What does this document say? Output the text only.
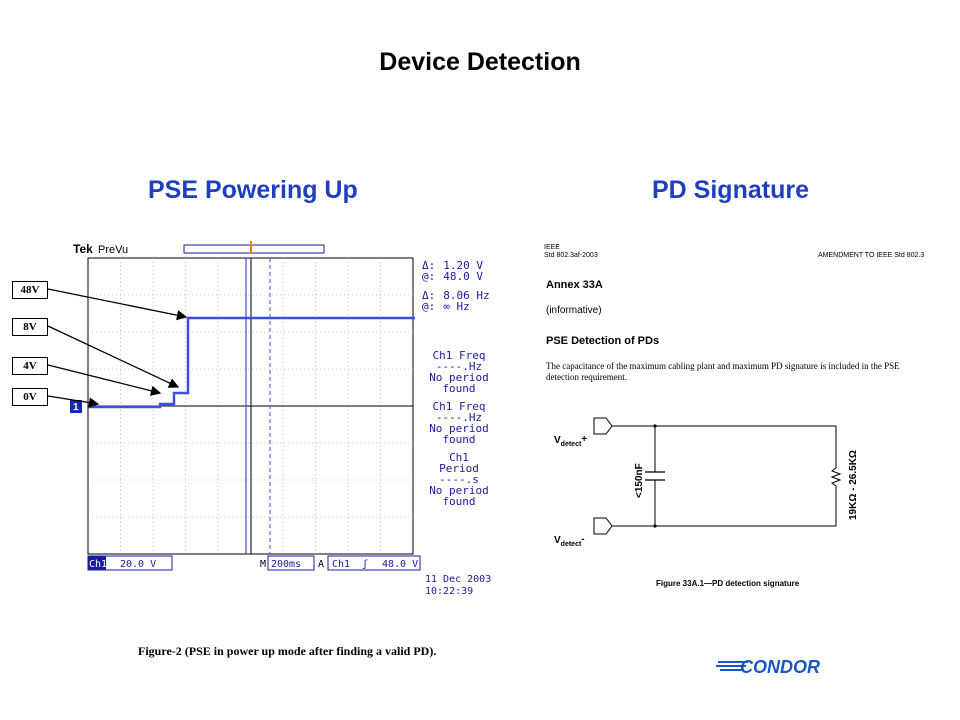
Device Detection
PSE Powering Up	PD Signature
Tek PreVu
1
Ch1 20.0 V	M 200ms A Ch1 ʃ 48.0 V
11 Dec 2003
10:22:39
Δ: 1.20 V
@: 48.0 V
Δ: 8.06 Hz
@: ∞ Hz
Ch1 Freq
----.Hz
No period
found
Ch1 Freq
----.Hz
No period
found
Ch1 Period
----.s
No period
found
48V
8V
4V
0V
Figure-2 (PSE in power up mode after finding a valid PD).
IEEE
Std 802.3af-2003	AMENDMENT TO IEEE Std 802.3
Annex 33A
(informative)
PSE Detection of PDs
The capacitance of the maximum cabling plant and maximum PD signature is included in the PSE detection requirement.
$V_{detect}+$
$V_{detect}-$
<150nF	19KΩ - 26.5KΩ
Figure 33A.1—PD detection signature
CONDOR
